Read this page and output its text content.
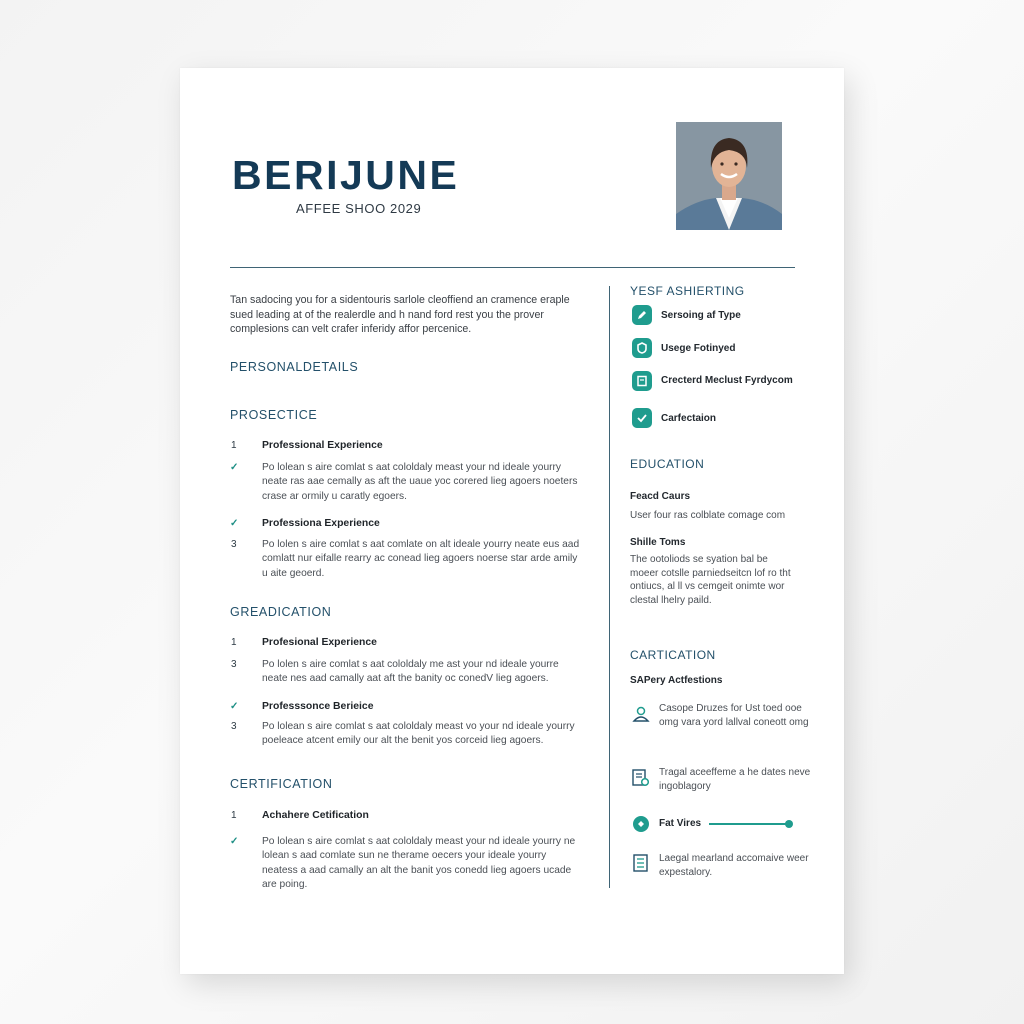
BERIJUNE
AFFEE SHOO 2029
Tan sadocing you for a sidentouris sarlole cleoffiend an cramence eraple sued leading at of the realerdle and h nand ford rest you the prover complesions can velt crafer inferidy affor percenice.
PERSONALDETAILS
PROSECTICE
1 Professional Experience
✓ Po lolean s aire comlat s aat cololdaly meast your nd ideale yourry neate ras aae cemally as aft the uaue yoc corered lieg agoers noeters crase ar ormily u caratly egoers.
✓ Professiona Experience
3 Po lolen s aire comlat s aat comlate on alt ideale yourry neate eus aad comlatt nur eifalle rearry ac conead lieg agoers noerse star arde amily u aite geoerd.
GREADICATION
1 Profesional Experience
3 Po lolen s aire comlat s aat cololdaly me ast your nd ideale yourre neate nes aad camally aat aft the banity oc conedV lieg agoers.
✓ Professsonce Berieice
3 Po lolean s aire comlat s aat cololdaly meast vo your nd ideale yourry poeleace atcent emily our alt the benit yos corceid lieg agoers.
CERTIFICATION
1 Achahere Cetification
✓ Po lolean s aire comlat s aat cololdaly meast your nd ideale yourry ne lolean s aad comlate sun ne therame oecers your ideale yourry neatess a aad camally an alt the banit yos conedd lieg agoers ucade are poing.
YESF ASHIERTING
Sersoing af Type
Usege Fotinyed
Crecterd Meclust Fyrdycom
Carfectaion
EDUCATION
Feacd Caurs
User four ras colblate comage com
Shille Toms
The ootoliods se syation bal be moeer cotslle parniedseitcn lof ro tht ontiucs, al ll vs cemgeit onimte wor clestal lhelry paild.
CARTICATION
SAPery Actfestions
Casope Druzes for Ust toed ooe omg vara yord lallval coneott omg
Tragal aceeffeme a he dates neve ingoblagory
Fat Vires
Laegal mearland accomaive weer expestalory.
